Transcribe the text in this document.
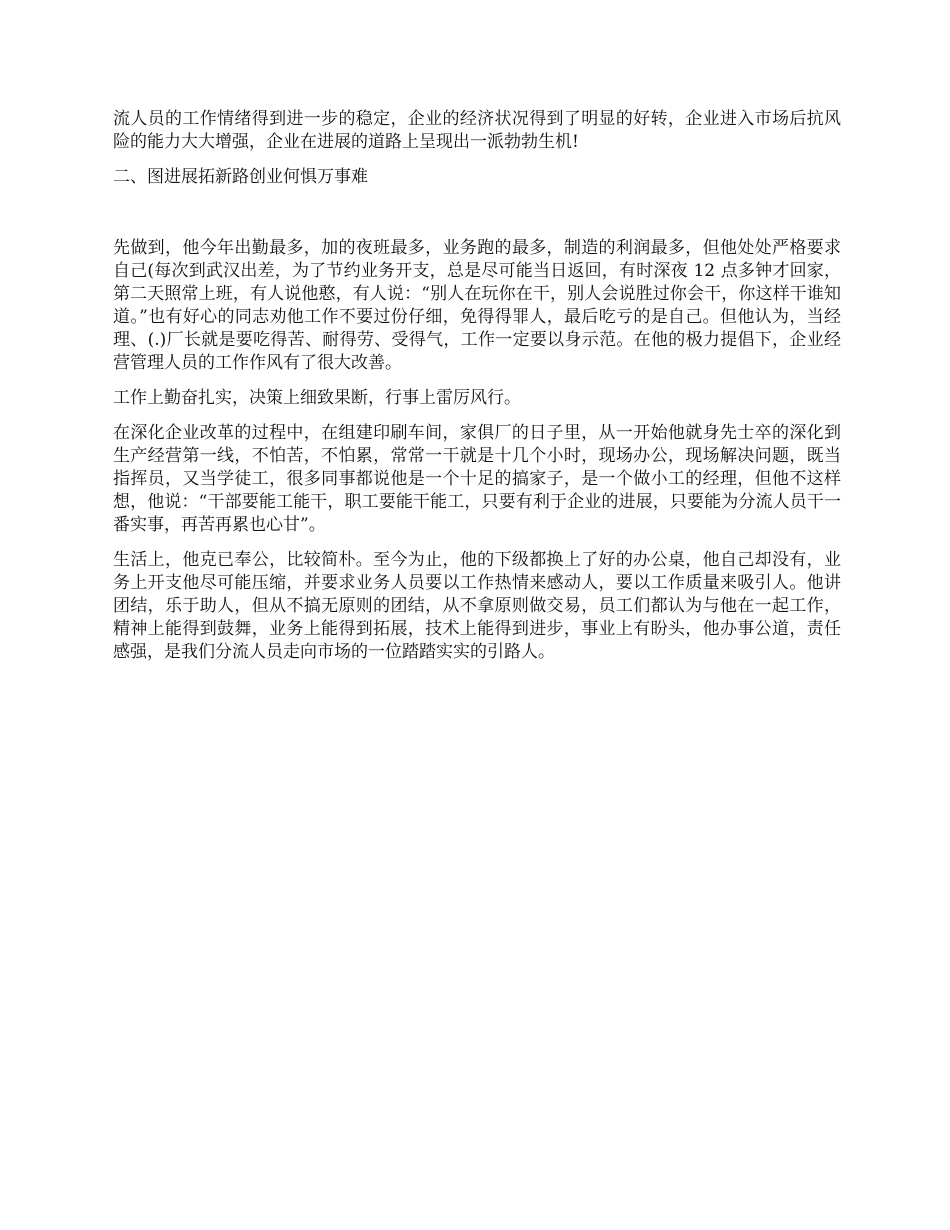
流人员的工作情绪得到进一步的稳定，企业的经济状况得到了明显的好转，企业进入市场后抗风险的能力大大增强，企业在进展的道路上呈现出一派勃勃生机!

二、图进展拓新路创业何惧万事难

先做到，他今年出勤最多，加的夜班最多，业务跑的最多，制造的利润最多，但他处处严格要求自己(每次到武汉出差，为了节约业务开支，总是尽可能当日返回，有时深夜 12 点多钟才回家，第二天照常上班，有人说他憨，有人说：“别人在玩你在干，别人会说胜过你会干，你这样干谁知道。”也有好心的同志劝他工作不要过份仔细，免得得罪人，最后吃亏的是自己。但他认为，当经理、(.)厂长就是要吃得苦、耐得劳、受得气，工作一定要以身示范。在他的极力提倡下，企业经营管理人员的工作作风有了很大改善。

工作上勤奋扎实，决策上细致果断，行事上雷厉风行。

在深化企业改革的过程中，在组建印刷车间，家俱厂的日子里，从一开始他就身先士卒的深化到生产经营第一线，不怕苦，不怕累，常常一干就是十几个小时，现场办公，现场解决问题，既当指挥员，又当学徒工，很多同事都说他是一个十足的搞家子，是一个做小工的经理，但他不这样想，他说：“干部要能工能干，职工要能干能工，只要有利于企业的进展，只要能为分流人员干一番实事，再苦再累也心甘”。

生活上，他克已奉公，比较简朴。至今为止，他的下级都换上了好的办公桌，他自己却没有，业务上开支他尽可能压缩，并要求业务人员要以工作热情来感动人，要以工作质量来吸引人。他讲团结，乐于助人，但从不搞无原则的团结，从不拿原则做交易，员工们都认为与他在一起工作，精神上能得到鼓舞，业务上能得到拓展，技术上能得到进步，事业上有盼头，他办事公道，责任感强，是我们分流人员走向市场的一位踏踏实实的引路人。
